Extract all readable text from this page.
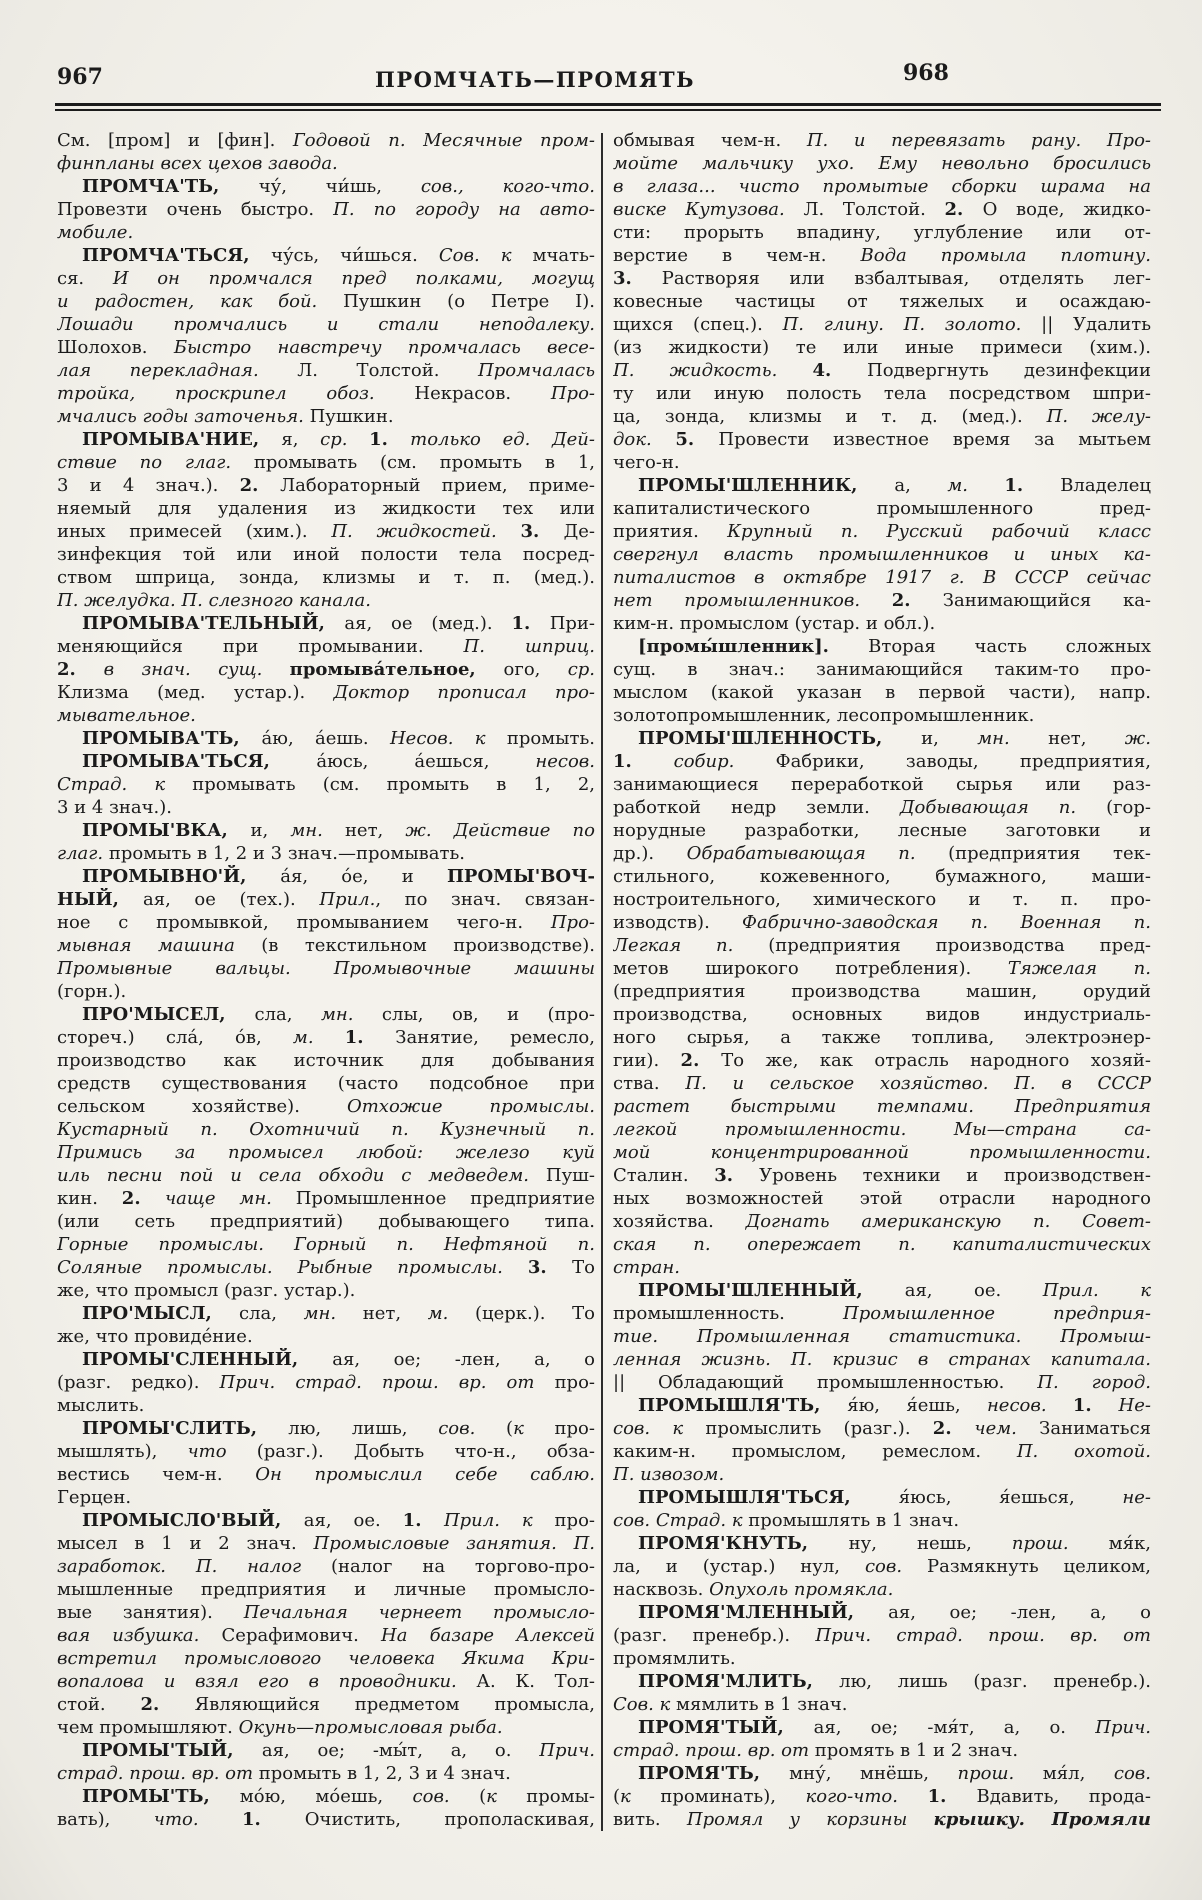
967	ПРОМЧАТЬ—ПРОМЯТЬ	968
См. [пром] и [фин]. Годовой п. Месячные пром-
финпланы всех цехов завода.
ПРОМЧА'ТЬ, чу́, чи́шь, сов., кого-что.
Провезти очень быстро. П. по городу на авто-
мобиле.
ПРОМЧА'ТЬСЯ, чу́сь, чи́шься. Сов. к мчать-
ся. И он промчался пред полками, могущ
и радостен, как бой. Пушкин (о Петре I).
Лошади промчались и стали неподалеку.
Шолохов. Быстро навстречу промчалась весе-
лая перекладная. Л. Толстой. Промчалась
тройка, проскрипел обоз. Некрасов. Про-
мчались годы заточенья. Пушкин.
ПРОМЫВА'НИЕ, я, ср. 1. только ед. Дей-
ствие по глаг. промывать (см. промыть в 1,
3 и 4 знач.). 2. Лабораторный прием, приме-
няемый для удаления из жидкости тех или
иных примесей (хим.). П. жидкостей. 3. Де-
зинфекция той или иной полости тела посред-
ством шприца, зонда, клизмы и т. п. (мед.).
П. желудка. П. слезного канала.
ПРОМЫВА'ТЕЛЬНЫЙ, ая, ое (мед.). 1. При-
меняющийся при промывании. П. шприц.
2. в знач. сущ. промыва́тельное, ого, ср.
Клизма (мед. устар.). Доктор прописал про-
мывательное.
ПРОМЫВА'ТЬ, а́ю, а́ешь. Несов. к промыть.
ПРОМЫВА'ТЬСЯ, а́юсь, а́ешься, несов.
Страд. к промывать (см. промыть в 1, 2,
3 и 4 знач.).
ПРОМЫ'ВКА, и, мн. нет, ж. Действие по
глаг. промыть в 1, 2 и 3 знач.—промывать.
ПРОМЫВНО'Й, а́я, о́е, и ПРОМЫ'ВОЧ-
НЫЙ, ая, ое (тех.). Прил., по знач. связан-
ное с промывкой, промыванием чего-н. Про-
мывная машина (в текстильном производстве).
Промывные вальцы. Промывочные машины
(горн.).
ПРО'МЫСЕЛ, сла, мн. слы, ов, и (про-
стореч.) сла́, о́в, м. 1. Занятие, ремесло,
производство как источник для добывания
средств существования (часто подсобное при
сельском хозяйстве). Отхожие промыслы.
Кустарный п. Охотничий п. Кузнечный п.
Примись за промысел любой: железо куй
иль песни пой и села обходи с медведем. Пуш-
кин. 2. чаще мн. Промышленное предприятие
(или сеть предприятий) добывающего типа.
Горные промыслы. Горный п. Нефтяной п.
Соляные промыслы. Рыбные промыслы. 3. То
же, что промысл (разг. устар.).
ПРО'МЫСЛ, сла, мн. нет, м. (церк.). То
же, что провиде́ние.
ПРОМЫ'СЛЕННЫЙ, ая, ое; -лен, а, о
(разг. редко). Прич. страд. прош. вр. от про-
мыслить.
ПРОМЫ'СЛИТЬ, лю, лишь, сов. (к про-
мышлять), что (разг.). Добыть что-н., обза-
вестись чем-н. Он промыслил себе саблю.
Герцен.
ПРОМЫСЛО'ВЫЙ, ая, ое. 1. Прил. к про-
мысел в 1 и 2 знач. Промысловые занятия. П.
заработок. П. налог (налог на торгово-про-
мышленные предприятия и личные промысло-
вые занятия). Печальная чернеет промысло-
вая избушка. Серафимович. На базаре Алексей
встретил промыслового человека Якима Кри-
вопалова и взял его в проводники. А. К. Тол-
стой. 2. Являющийся предметом промысла,
чем промышляют. Окунь—промысловая рыба.
ПРОМЫ'ТЫЙ, ая, ое; -мы́т, а, о. Прич.
страд. прош. вр. от промыть в 1, 2, 3 и 4 знач.
ПРОМЫ'ТЬ, мо́ю, мо́ешь, сов. (к промы-
вать), что. 1. Очистить, прополаскивая,
обмывая чем-н. П. и перевязать рану. Про-
мойте мальчику ухо. Ему невольно бросились
в глаза... чисто промытые сборки шрама на
виске Кутузова. Л. Толстой. 2. О воде, жидко-
сти: прорыть впадину, углубление или от-
верстие в чем-н. Вода промыла плотину.
3. Растворяя или взбалтывая, отделять лег-
ковесные частицы от тяжелых и осаждаю-
щихся (спец.). П. глину. П. золото. || Удалить
(из жидкости) те или иные примеси (хим.).
П. жидкость. 4. Подвергнуть дезинфекции
ту или иную полость тела посредством шпри-
ца, зонда, клизмы и т. д. (мед.). П. желу-
док. 5. Провести известное время за мытьем
чего-н.
ПРОМЫ'ШЛЕННИК, а, м. 1. Владелец
капиталистического промышленного пред-
приятия. Крупный п. Русский рабочий класс
свергнул власть промышленников и иных ка-
питалистов в октябре 1917 г. В СССР сейчас
нет промышленников. 2. Занимающийся ка-
ким-н. промыслом (устар. и обл.).
[промы́шленник]. Вторая часть сложных
сущ. в знач.: занимающийся таким-то про-
мыслом (какой указан в первой части), напр.
золотопромышленник, лесопромышленник.
ПРОМЫ'ШЛЕННОСТЬ, и, мн. нет, ж.
1. собир. Фабрики, заводы, предприятия,
занимающиеся переработкой сырья или раз-
работкой недр земли. Добывающая п. (гор-
норудные разработки, лесные заготовки и
др.). Обрабатывающая п. (предприятия тек-
стильного, кожевенного, бумажного, маши-
ностроительного, химического и т. п. про-
изводств). Фабрично-заводская п. Военная п.
Легкая п. (предприятия производства пред-
метов широкого потребления). Тяжелая п.
(предприятия производства машин, орудий
производства, основных видов индустриаль-
ного сырья, а также топлива, электроэнер-
гии). 2. То же, как отрасль народного хозяй-
ства. П. и сельское хозяйство. П. в СССР
растет быстрыми темпами. Предприятия
легкой промышленности. Мы—страна са-
мой концентрированной промышленности.
Сталин. 3. Уровень техники и производствен-
ных возможностей этой отрасли народного
хозяйства. Догнать американскую п. Совет-
ская п. опережает п. капиталистических
стран.
ПРОМЫ'ШЛЕННЫЙ, ая, ое. Прил. к
промышленность. Промышленное предприя-
тие. Промышленная статистика. Промыш-
ленная жизнь. П. кризис в странах капитала.
|| Обладающий промышленностью. П. город.
ПРОМЫШЛЯ'ТЬ, я́ю, я́ешь, несов. 1. Не-
сов. к промыслить (разг.). 2. чем. Заниматься
каким-н. промыслом, ремеслом. П. охотой.
П. извозом.
ПРОМЫШЛЯ'ТЬСЯ, я́юсь, я́ешься, не-
сов. Страд. к промышлять в 1 знач.
ПРОМЯ'КНУТЬ, ну, нешь, прош. мя́к,
ла, и (устар.) нул, сов. Размякнуть целиком,
насквозь. Опухоль промякла.
ПРОМЯ'МЛЕННЫЙ, ая, ое; -лен, а, о
(разг. пренебр.). Прич. страд. прош. вр. от
промямлить.
ПРОМЯ'МЛИТЬ, лю, лишь (разг. пренебр.).
Сов. к мямлить в 1 знач.
ПРОМЯ'ТЫЙ, ая, ое; -мя́т, а, о. Прич.
страд. прош. вр. от промять в 1 и 2 знач.
ПРОМЯ'ТЬ, мну́, мнёшь, прош. мя́л, сов.
(к проминать), кого-что. 1. Вдавить, прода-
вить. Промял у корзины крышку. Промяли
